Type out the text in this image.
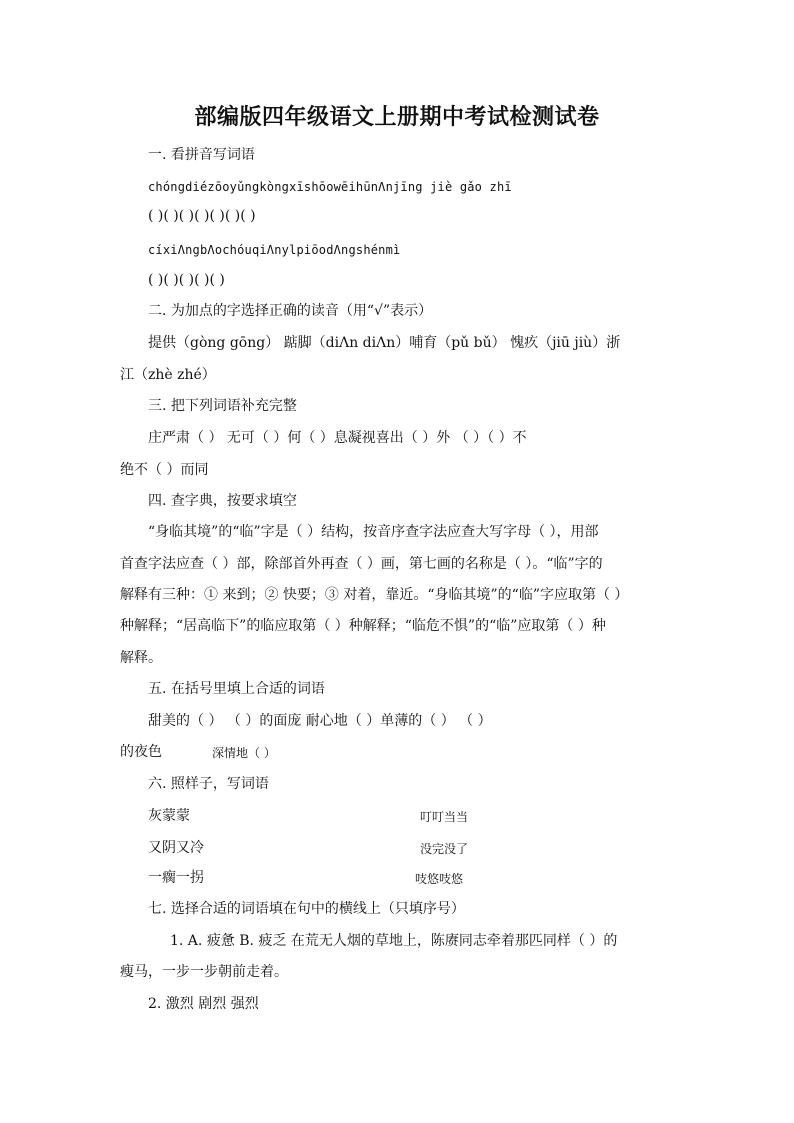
部编版四年级语文上册期中考试检测试卷
一. 看拼音写词语
chóngdiézōoyǔngkòngxīshōowēihūnΛnjīng jiè gǎo zhī
( )( )( )( )( )( )( )
cíxiΛngbΛochóuqiΛnylpiōodΛngshénmì
( )( )( )( )( )
二. 为加点的字选择正确的读音（用“√”表示）
提供（gòng gōng） 踮脚（diΛn diΛn）哺育（pǔ bǔ） 愧疚（jiū jiù）浙
江（zhè zhé）
三. 把下列词语补充完整
庄严肃（ ） 无可（ ）何（ ）息凝视喜出（ ）外 （ ）（ ）不
绝不（ ）而同
四. 查字典，按要求填空
“身临其境”的“临”字是（ ）结构，按音序查字法应查大写字母（ ），用部
首查字法应查（ ）部，除部首外再查（ ）画，第七画的名称是（ ）。“临”字的
解释有三种：① 来到；② 快要；③ 对着，靠近。“身临其境”的“临”字应取第（ ）
种解释；“居高临下”的临应取第（ ）种解释；“临危不惧”的“临”应取第（ ）种
解释。
五. 在括号里填上合适的词语
甜美的（ ） （ ）的面庞 耐心地（ ）单薄的（ ） （ ）
的夜色	深情地（ ）
六. 照样子，写词语
灰蒙蒙	叮叮当当
又阴又冷	没完没了
一瘸一拐	吱悠吱悠
七. 选择合适的词语填在句中的横线上（只填序号）
1. A. 疲惫 B. 疲乏 在荒无人烟的草地上，陈赓同志牵着那匹同样（ ）的
瘦马，一步一步朝前走着。
2. 激烈 剧烈 强烈
